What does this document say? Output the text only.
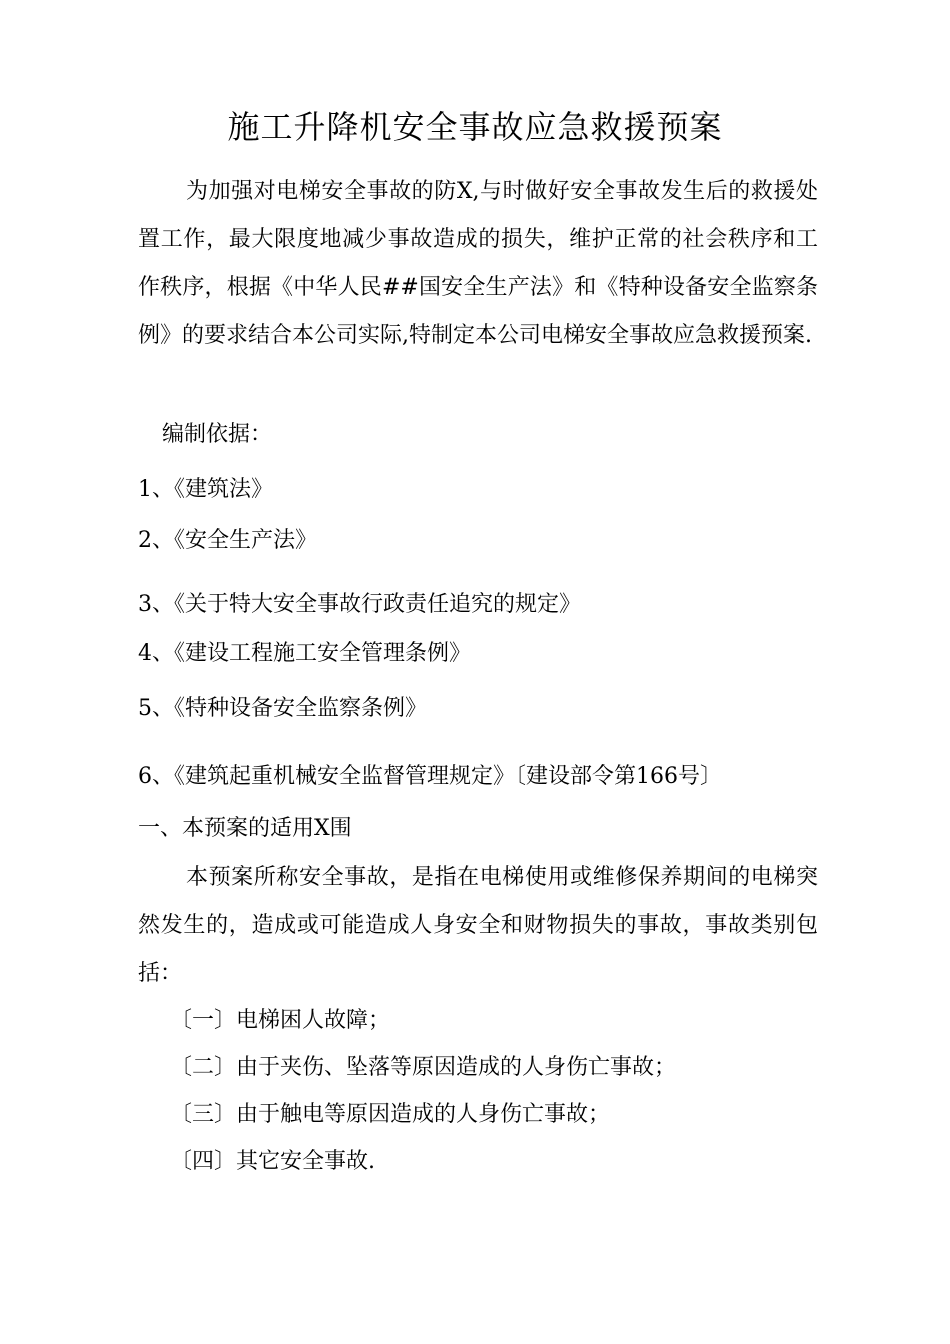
施工升降机安全事故应急救援预案

为加强对电梯安全事故的防X,与时做好安全事故发生后的救援处置工作，最大限度地减少事故造成的损失，维护正常的社会秩序和工作秩序，根据《中华人民##国安全生产法》和《特种设备安全监察条例》的要求结合本公司实际,特制定本公司电梯安全事故应急救援预案.

编制依据：

1、《建筑法》

2、《安全生产法》

3、《关于特大安全事故行政责任追究的规定》

4、《建设工程施工安全管理条例》

5、《特种设备安全监察条例》

6、《建筑起重机械安全监督管理规定》〔建设部令第166号〕

一、本预案的适用X围

本预案所称安全事故，是指在电梯使用或维修保养期间的电梯突然发生的，造成或可能造成人身安全和财物损失的事故，事故类别包括：

〔一〕电梯困人故障；

〔二〕由于夹伤、坠落等原因造成的人身伤亡事故；

〔三〕由于触电等原因造成的人身伤亡事故；

〔四〕其它安全事故.
